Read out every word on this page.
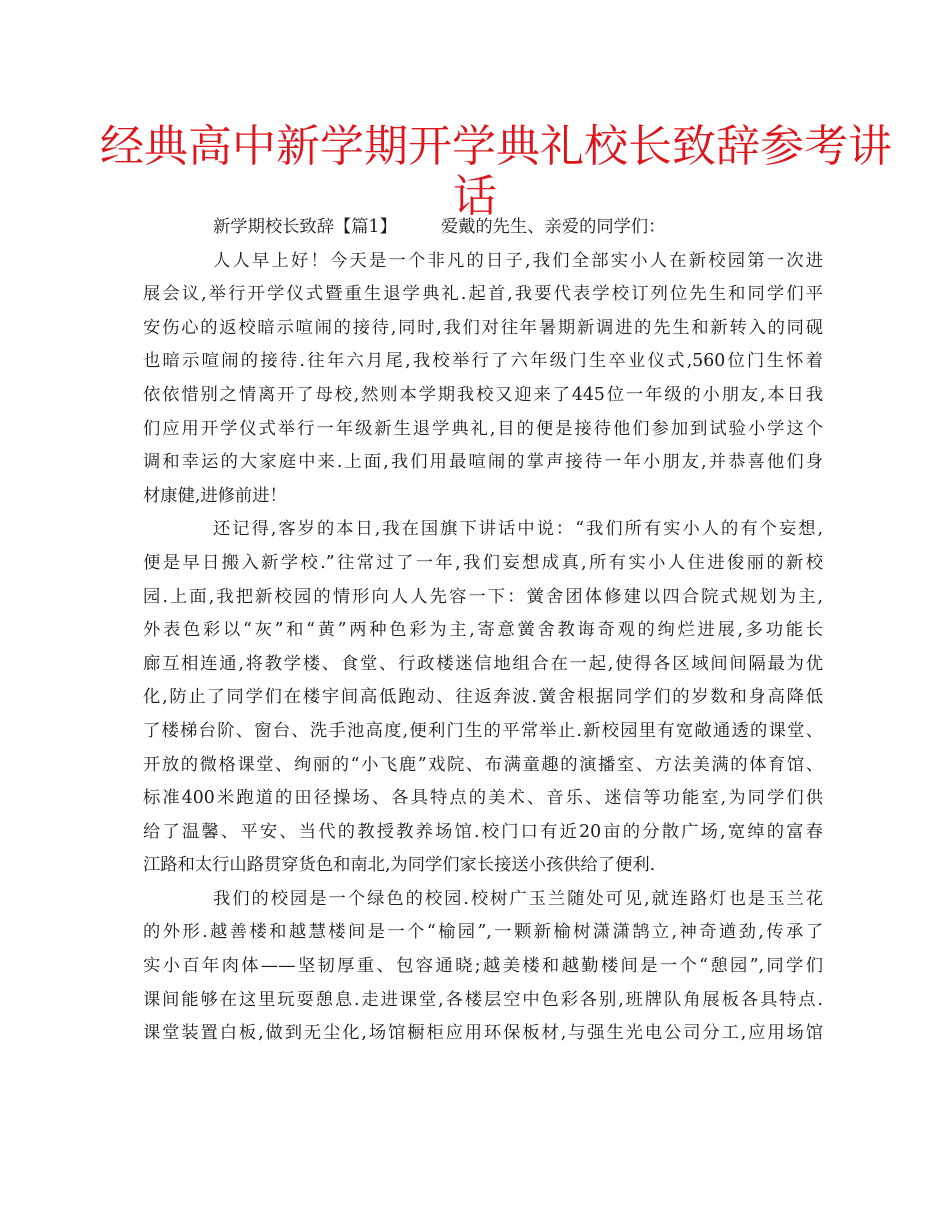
经典高中新学期开学典礼校长致辞参考讲
话
新学期校长致辞【篇1】	爱戴的先生、亲爱的同学们：
人人早上好！今天是一个非凡的日子,我们全部实小人在新校园第一次进
展会议,举行开学仪式暨重生退学典礼.起首,我要代表学校订列位先生和同学们平
安伤心的返校暗示喧闹的接待,同时,我们对往年暑期新调进的先生和新转入的同砚
也暗示喧闹的接待.往年六月尾,我校举行了六年级门生卒业仪式,560位门生怀着
依依惜别之情离开了母校,然则本学期我校又迎来了445位一年级的小朋友,本日我
们应用开学仪式举行一年级新生退学典礼,目的便是接待他们参加到试验小学这个
调和幸运的大家庭中来.上面,我们用最喧闹的掌声接待一年小朋友,并恭喜他们身
材康健,进修前进！
还记得,客岁的本日,我在国旗下讲话中说：“我们所有实小人的有个妄想,
便是早日搬入新学校.”往常过了一年,我们妄想成真,所有实小人住进俊丽的新校
园.上面,我把新校园的情形向人人先容一下：黉舍团体修建以四合院式规划为主,
外表色彩以“灰”和“黄”两种色彩为主,寄意黉舍教诲奇观的绚烂进展,多功能长
廊互相连通,将教学楼、食堂、行政楼迷信地组合在一起,使得各区域间间隔最为优
化,防止了同学们在楼宇间高低跑动、往返奔波.黉舍根据同学们的岁数和身高降低
了楼梯台阶、窗台、洗手池高度,便利门生的平常举止.新校园里有宽敞通透的课堂、
开放的微格课堂、绚丽的“小飞鹿”戏院、布满童趣的演播室、方法美满的体育馆、
标准400米跑道的田径操场、各具特点的美术、音乐、迷信等功能室,为同学们供
给了温馨、平安、当代的教授教养场馆.校门口有近20亩的分散广场,宽绰的富春
江路和太行山路贯穿货色和南北,为同学们家长接送小孩供给了便利.
我们的校园是一个绿色的校园.校树广玉兰随处可见,就连路灯也是玉兰花
的外形.越善楼和越慧楼间是一个“榆园”,一颗新榆树潇潇鹄立,神奇遒劲,传承了
实小百年肉体——坚韧厚重、包容通晓;越美楼和越勤楼间是一个“憩园”,同学们
课间能够在这里玩耍憩息.走进课堂,各楼层空中色彩各别,班牌队角展板各具特点.
课堂装置白板,做到无尘化,场馆橱柜应用环保板材,与强生光电公司分工,应用场馆
